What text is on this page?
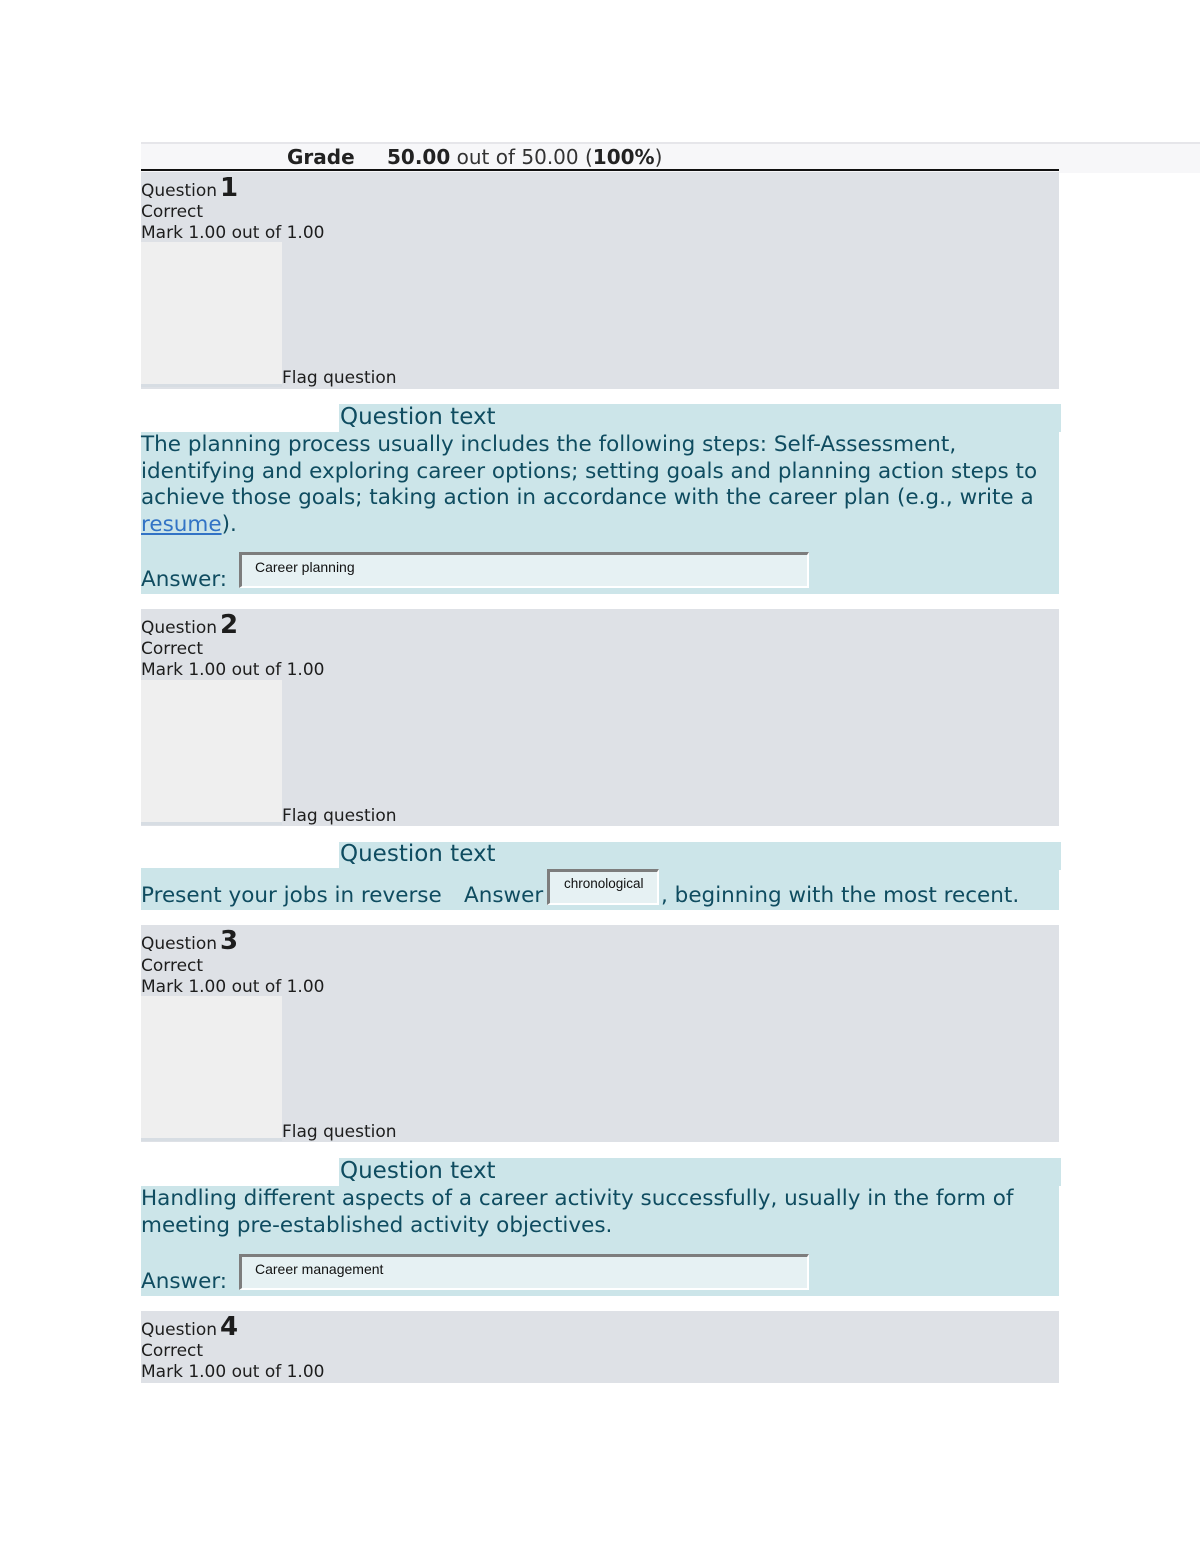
Grade 50.00 out of 50.00 (100%)
Question 1
Correct
Mark 1.00 out of 1.00
Flag question
Question text
The planning process usually includes the following steps: Self-Assessment, identifying and exploring career options; setting goals and planning action steps to achieve those goals; taking action in accordance with the career plan (e.g., write a resume).
Answer:	Career planning
Question 2
Correct
Mark 1.00 out of 1.00
Flag question
Question text
Present your jobs in reverse Answer	chronological , beginning with the most recent.
Question 3
Correct
Mark 1.00 out of 1.00
Flag question
Question text
Handling different aspects of a career activity successfully, usually in the form of meeting pre-established activity objectives.
Answer:	Career management
Question 4
Correct
Mark 1.00 out of 1.00
